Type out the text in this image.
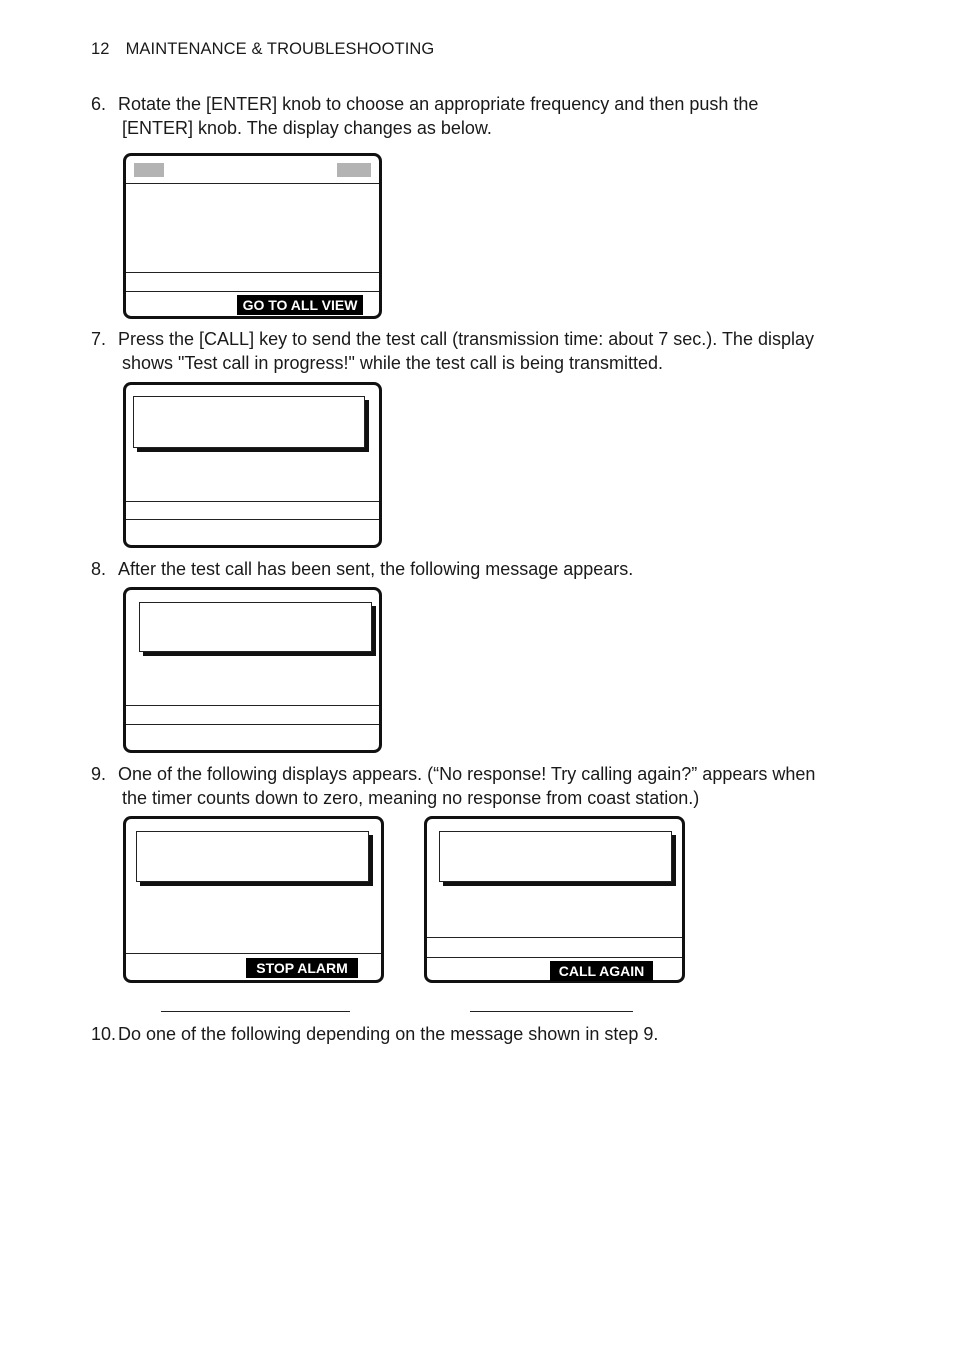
12 MAINTENANCE & TROUBLESHOOTING
6. Rotate the [ENTER] knob to choose an appropriate frequency and then push the
[ENTER] knob. The display changes as below.
GO TO ALL VIEW
7. Press the [CALL] key to send the test call (transmission time: about 7 sec.). The display
shows "Test call in progress!" while the test call is being transmitted.
8. After the test call has been sent, the following message appears.
9. One of the following displays appears. (“No response! Try calling again?” appears when
the timer counts down to zero, meaning no response from coast station.)
STOP ALARM	CALL AGAIN
10. Do one of the following depending on the message shown in step 9.
